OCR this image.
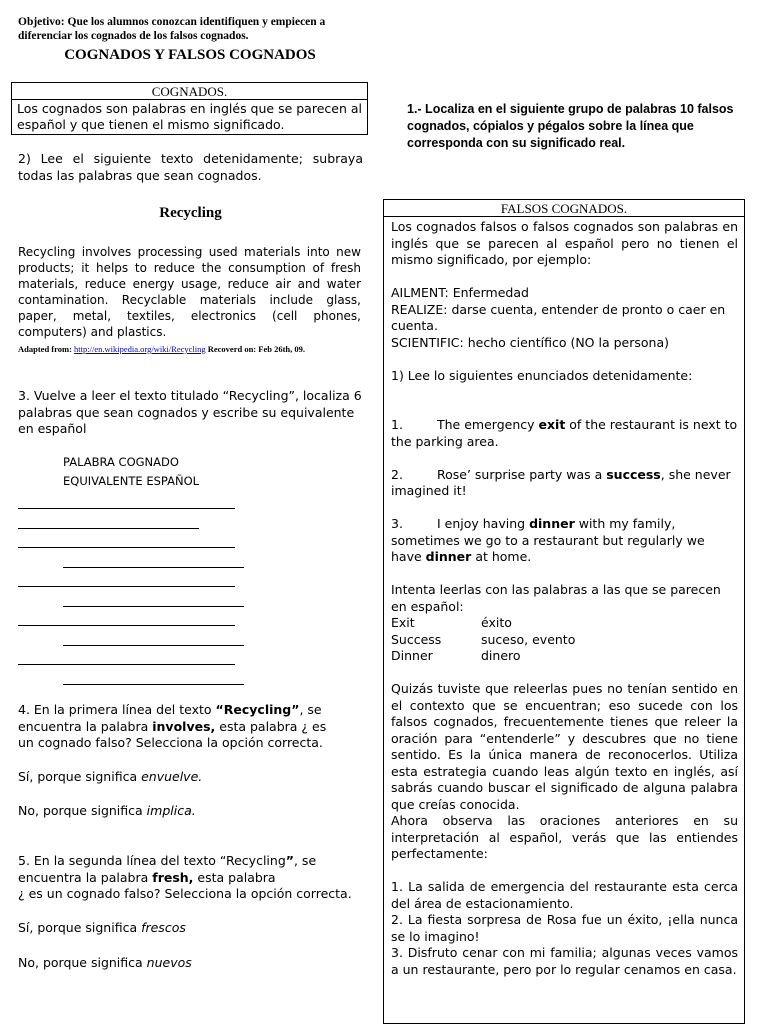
Objetivo: Que los alumnos conozcan identifiquen y empiecen a diferenciar los cognados de los falsos cognados.
COGNADOS Y FALSOS COGNADOS
COGNADOS.
Los cognados son palabras en inglés que se parecen al español y que tienen el mismo significado.
1.- Localiza en el siguiente grupo de palabras 10 falsos cognados, cópialos y pégalos sobre la línea que corresponda con su significado real.
2) Lee el siguiente texto detenidamente; subraya todas las palabras que sean cognados.
Recycling
Recycling involves processing used materials into new products; it helps to reduce the consumption of fresh materials, reduce energy usage, reduce air and water contamination. Recyclable materials include glass, paper, metal, textiles, electronics (cell phones, computers) and plastics.
Adapted from: http://en.wikipedia.org/wiki/Recycling Recoverd on: Feb 26th, 09.
3. Vuelve a leer el texto titulado “Recycling”, localiza 6 palabras que sean cognados y escribe su equivalente en español
PALABRA COGNADO
EQUIVALENTE ESPAÑOL
4. En la primera línea del texto “Recycling”, se encuentra la palabra involves, esta palabra ¿ es un cognado falso? Selecciona la opción correcta.
Sí, porque significa envuelve.
No, porque significa implica.
5. En la segunda línea del texto “Recycling”, se encuentra la palabra fresh, esta palabra
¿ es un cognado falso? Selecciona la opción correcta.
Sí, porque significa frescos
No, porque significa nuevos
FALSOS COGNADOS.

Los cognados falsos o falsos cognados son palabras en inglés que se parecen al español pero no tienen el mismo significado, por ejemplo:

AILMENT: Enfermedad

REALIZE: darse cuenta, entender de pronto o caer en cuenta.

SCIENTIFIC: hecho científico (NO la persona)

1) Lee lo siguientes enunciados detenidamente:

1.	The emergency exit of the restaurant is next to the parking area.

2.	Rose’ surprise party was a success, she never imagined it!

3.	I enjoy having dinner with my family, sometimes we go to a restaurant but regularly we have dinner at home.

Intenta leerlas con las palabras a las que se parecen en español:

Exit	éxito
Success	suceso, evento
Dinner	dinero

Quizás tuviste que releerlas pues no tenían sentido en el contexto que se encuentran; eso sucede con los falsos cognados, frecuentemente tienes que releer la oración para “entenderle” y descubres que no tiene sentido. Es la única manera de reconocerlos. Utiliza esta estrategia cuando leas algún texto en inglés, así sabrás cuando buscar el significado de alguna palabra que creías conocida.

Ahora observa las oraciones anteriores en su interpretación al español, verás que las entiendes perfectamente:

1. La salida de emergencia del restaurante esta cerca del área de estacionamiento.

2. La fiesta sorpresa de Rosa fue un éxito, ¡ella nunca se lo imagino!

3. Disfruto cenar con mi familia; algunas veces vamos a un restaurante, pero por lo regular cenamos en casa.
